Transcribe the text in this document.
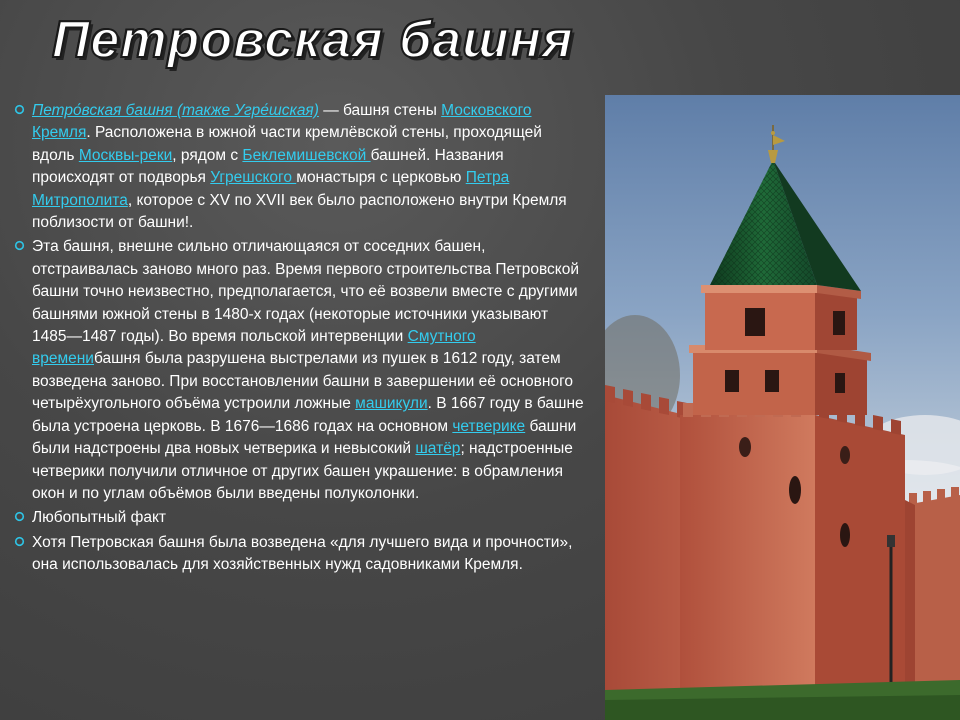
Петровская башня

Петро́вская башня (также Угре́шская) — башня стены Московского Кремля. Расположена в южной части кремлёвской стены, проходящей вдоль Москвы-реки, рядом с Беклемишевской башней. Названия происходят от подворья Угрешского монастыря с церковью Петра Митрополита, которое с XV по XVII век было расположено внутри Кремля поблизости от башни!.

Эта башня, внешне сильно отличающаяся от соседних башен, отстраивалась заново много раз. Время первого строительства Петровской башни точно неизвестно, предполагается, что её возвели вместе с другими башнями южной стены в 1480-х годах (некоторые источники указывают 1485—1487 годы). Во время польской интервенции Смутного временибашня была разрушена выстрелами из пушек в 1612 году, затем возведена заново. При восстановлении башни в завершении её основного четырёхугольного объёма устроили ложные машикули. В 1667 году в башне была устроена церковь. В 1676—1686 годах на основном четверике башни были надстроены два новых четверика и невысокий шатёр; надстроенные четверики получили отличное от других башен украшение: в обрамления окон и по углам объёмов были введены полуколонки.

Любопытный факт

Хотя Петровская башня была возведена «для лучшего вида и прочности», она использовалась для хозяйственных нужд садовниками Кремля.
